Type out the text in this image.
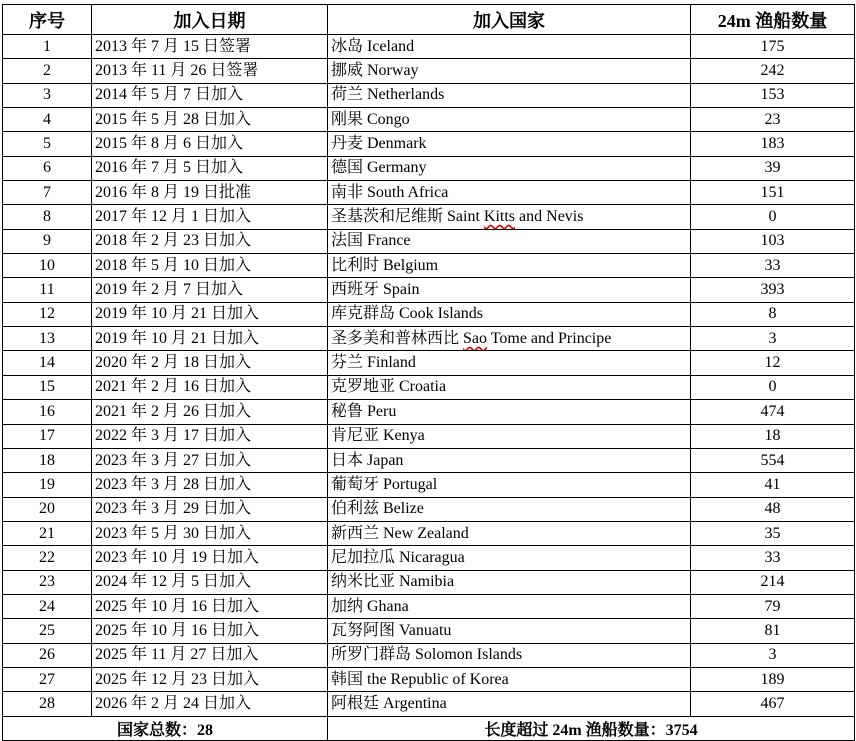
序号	加入日期	加入国家	24m 渔船数量
1	2013 年 7 月 15 日签署	冰岛 Iceland	175
2	2013 年 11 月 26 日签署	挪威 Norway	242
3	2014 年 5 月 7 日加入	荷兰 Netherlands	153
4	2015 年 5 月 28 日加入	刚果 Congo	23
5	2015 年 8 月 6 日加入	丹麦 Denmark	183
6	2016 年 7 月 5 日加入	德国 Germany	39
7	2016 年 8 月 19 日批准	南非 South Africa	151
8	2017 年 12 月 1 日加入	圣基茨和尼维斯 Saint Kitts and Nevis	0
9	2018 年 2 月 23 日加入	法国 France	103
10	2018 年 5 月 10 日加入	比利时 Belgium	33
11	2019 年 2 月 7 日加入	西班牙 Spain	393
12	2019 年 10 月 21 日加入	库克群岛 Cook Islands	8
13	2019 年 10 月 21 日加入	圣多美和普林西比 Sao Tome and Principe	3
14	2020 年 2 月 18 日加入	芬兰 Finland	12
15	2021 年 2 月 16 日加入	克罗地亚 Croatia	0
16	2021 年 2 月 26 日加入	秘鲁 Peru	474
17	2022 年 3 月 17 日加入	肯尼亚 Kenya	18
18	2023 年 3 月 27 日加入	日本 Japan	554
19	2023 年 3 月 28 日加入	葡萄牙 Portugal	41
20	2023 年 3 月 29 日加入	伯利兹 Belize	48
21	2023 年 5 月 30 日加入	新西兰 New Zealand	35
22	2023 年 10 月 19 日加入	尼加拉瓜 Nicaragua	33
23	2024 年 12 月 5 日加入	纳米比亚 Namibia	214
24	2025 年 10 月 16 日加入	加纳 Ghana	79
25	2025 年 10 月 16 日加入	瓦努阿图 Vanuatu	81
26	2025 年 11 月 27 日加入	所罗门群岛 Solomon Islands	3
27	2025 年 12 月 23 日加入	韩国 the Republic of Korea	189
28	2026 年 2 月 24 日加入	阿根廷 Argentina	467
国家总数：28		长度超过 24m 渔船数量：3754	
